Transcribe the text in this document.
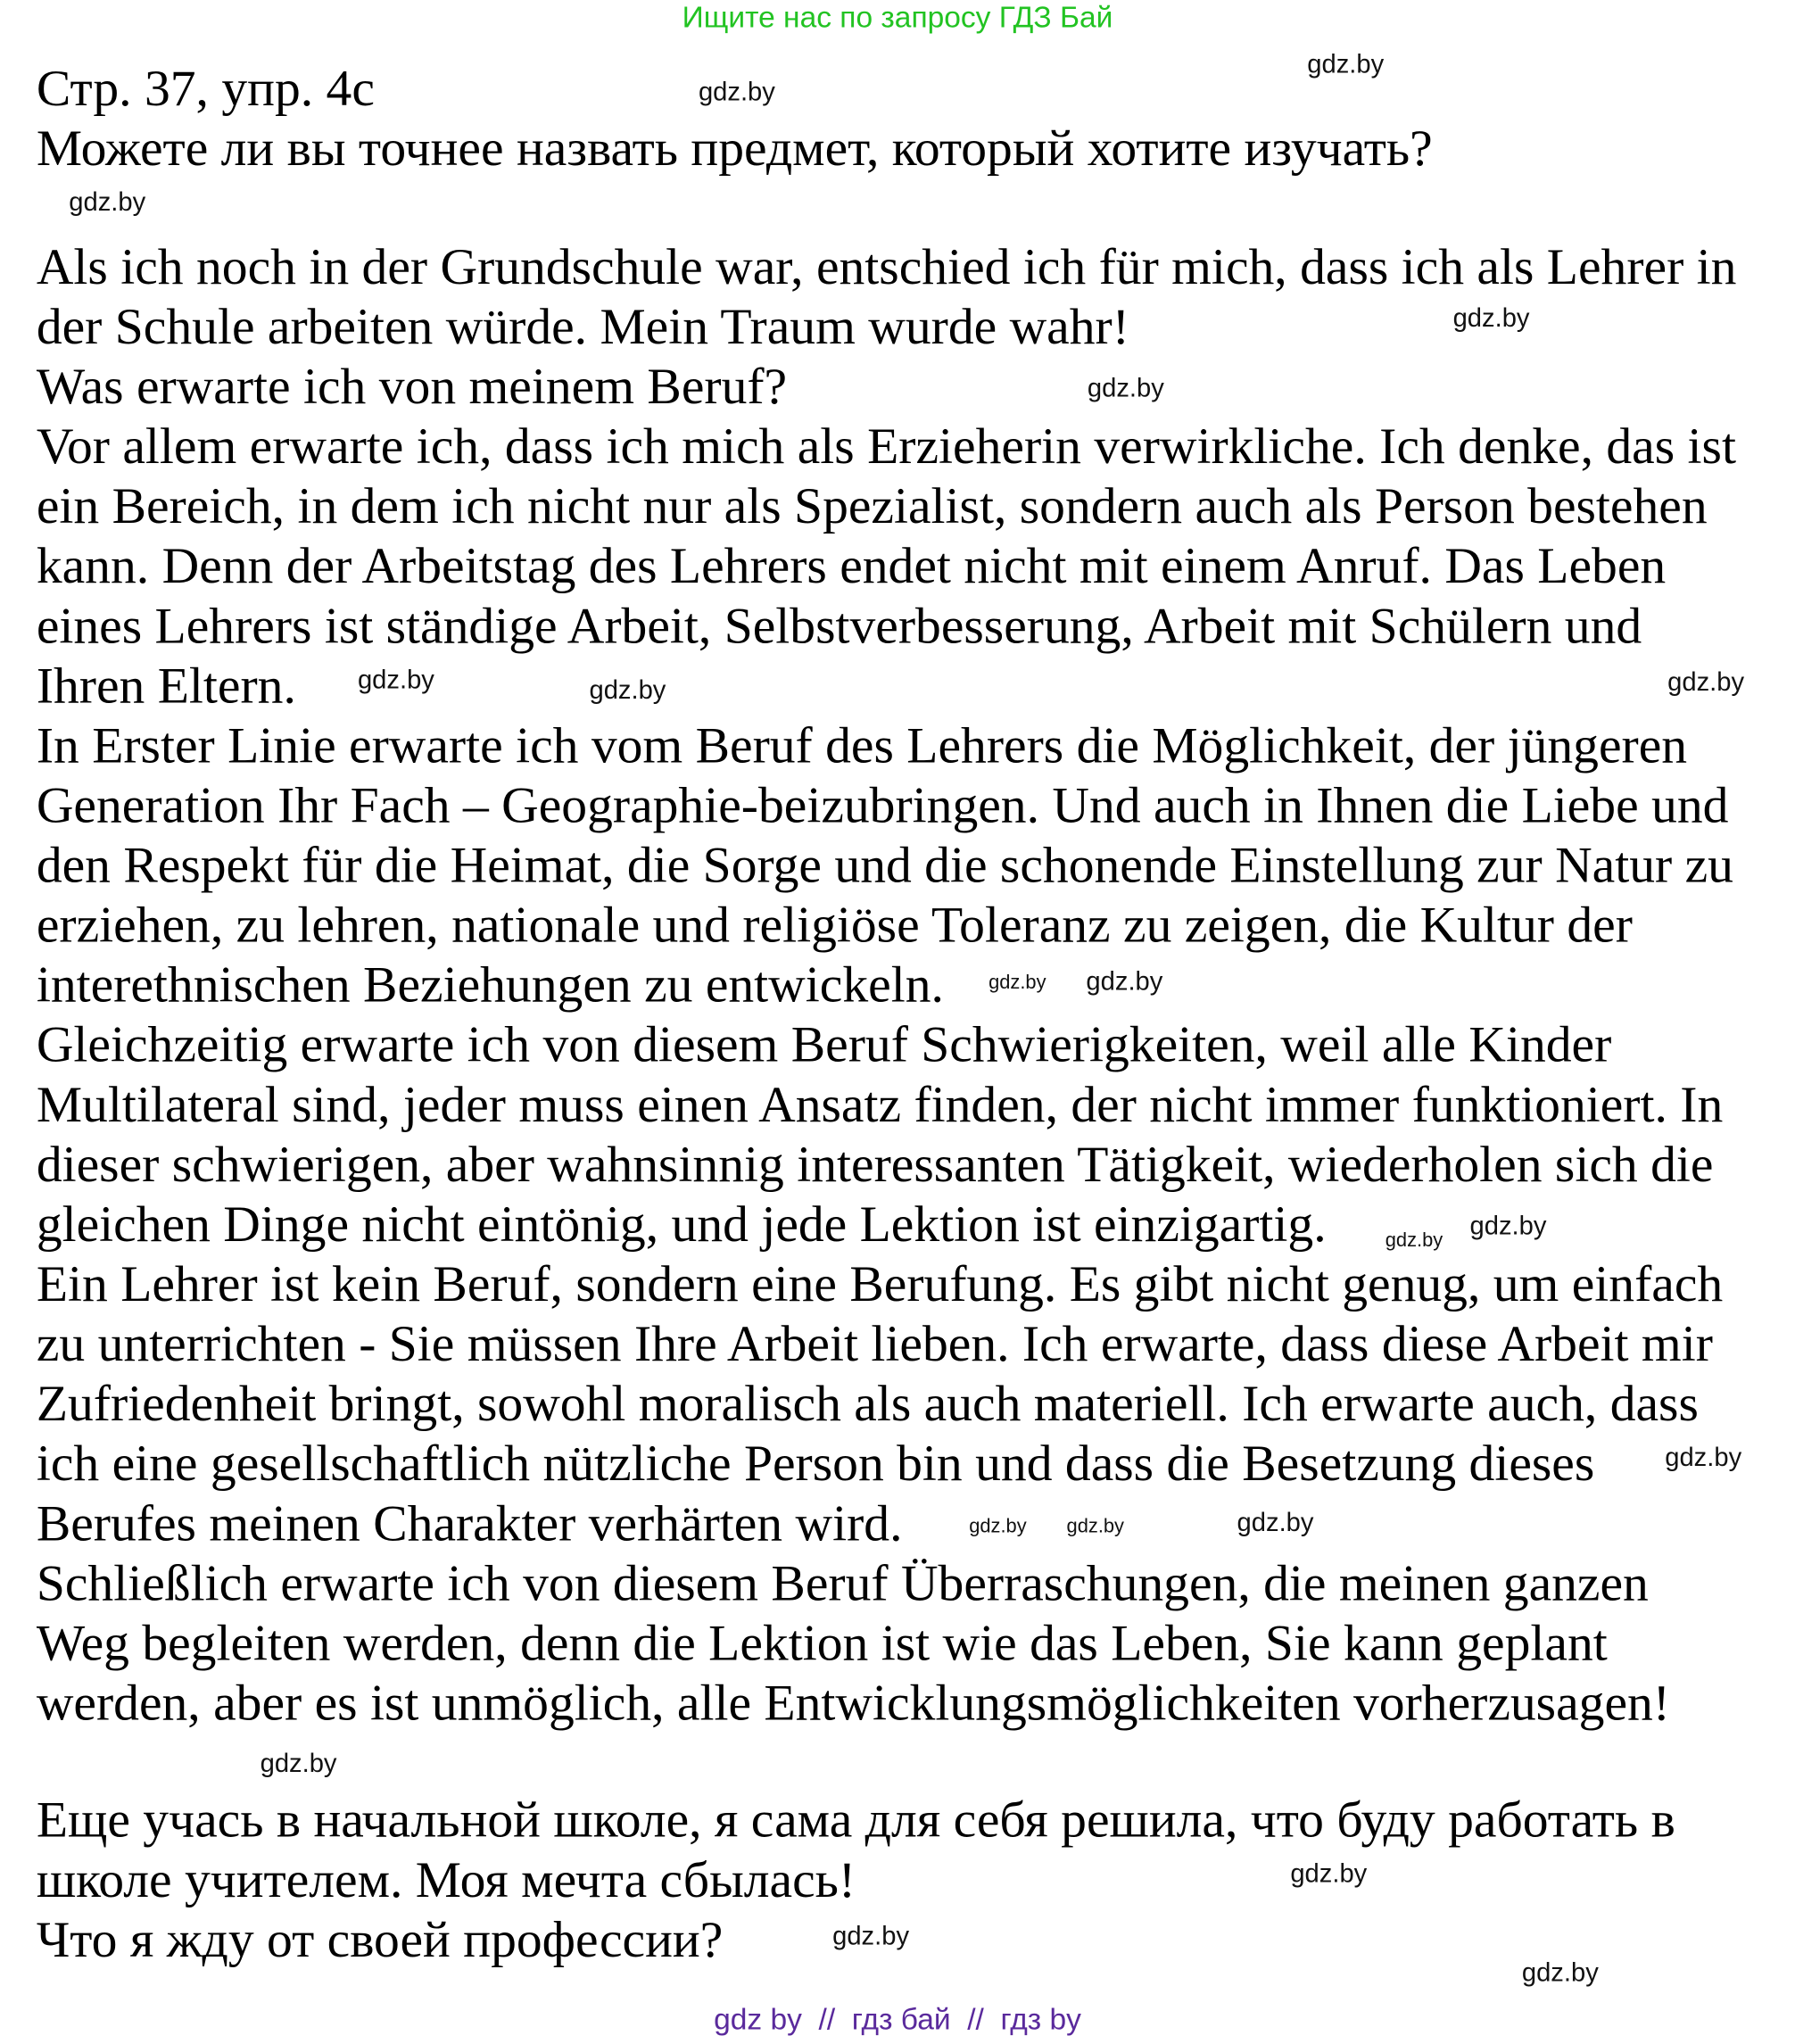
Ищите нас по запросу ГДЗ Бай
Стр. 37, упр. 4c
Можете ли вы точнее назвать предмет, который хотите изучать?
Als ich noch in der Grundschule war, entschied ich für mich, dass ich als Lehrer in
der Schule arbeiten würde. Mein Traum wurde wahr!
Was erwarte ich von meinem Beruf?
Vor allem erwarte ich, dass ich mich als Erzieherin verwirkliche. Ich denke, das ist
ein Bereich, in dem ich nicht nur als Spezialist, sondern auch als Person bestehen
kann. Denn der Arbeitstag des Lehrers endet nicht mit einem Anruf. Das Leben
eines Lehrers ist ständige Arbeit, Selbstverbesserung, Arbeit mit Schülern und
Ihren Eltern.
In Erster Linie erwarte ich vom Beruf des Lehrers die Möglichkeit, der jüngeren
Generation Ihr Fach – Geographie-beizubringen. Und auch in Ihnen die Liebe und
den Respekt für die Heimat, die Sorge und die schonende Einstellung zur Natur zu
erziehen, zu lehren, nationale und religiöse Toleranz zu zeigen, die Kultur der
interethnischen Beziehungen zu entwickeln.
Gleichzeitig erwarte ich von diesem Beruf Schwierigkeiten, weil alle Kinder
Multilateral sind, jeder muss einen Ansatz finden, der nicht immer funktioniert. In
dieser schwierigen, aber wahnsinnig interessanten Tätigkeit, wiederholen sich die
gleichen Dinge nicht eintönig, und jede Lektion ist einzigartig.
Ein Lehrer ist kein Beruf, sondern eine Berufung. Es gibt nicht genug, um einfach
zu unterrichten - Sie müssen Ihre Arbeit lieben. Ich erwarte, dass diese Arbeit mir
Zufriedenheit bringt, sowohl moralisch als auch materiell. Ich erwarte auch, dass
ich eine gesellschaftlich nützliche Person bin und dass die Besetzung dieses
Berufes meinen Charakter verhärten wird.
Schließlich erwarte ich von diesem Beruf Überraschungen, die meinen ganzen
Weg begleiten werden, denn die Lektion ist wie das Leben, Sie kann geplant
werden, aber es ist unmöglich, alle Entwicklungsmöglichkeiten vorherzusagen!
Еще учась в начальной школе, я сама для себя решила, что буду работать в
школе учителем. Моя мечта сбылась!
Что я жду от своей профессии?
gdz.by
gdz.by
gdz.by
gdz.by
gdz.by
gdz.by
gdz.by	gdz.by
gdz.by gdz.by
gdz.by gdz.by
gdz.by	gdz.by
gdz.by
gdz.by
gdz.by
gdz.by
gdz.by
gdz.by
gdz by  //  гдз бай  //  гдз by
